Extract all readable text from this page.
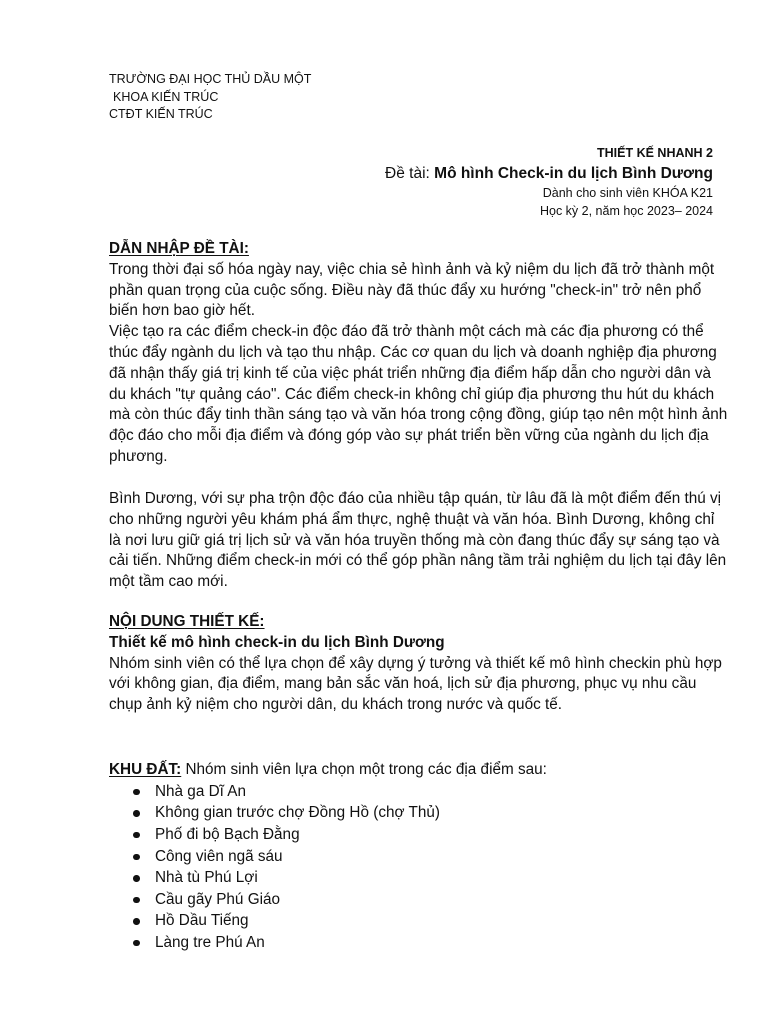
TRƯỜNG ĐẠI HỌC THỦ DẦU MỘT
KHOA KIẾN TRÚC
CTĐT KIẾN TRÚC
THIẾT KẾ NHANH 2
Đề tài: Mô hình Check-in du lịch Bình Dương
Dành cho sinh viên KHÓA K21
Học kỳ 2, năm học 2023– 2024

DẪN NHẬP ĐỀ TÀI:

Trong thời đại số hóa ngày nay, việc chia sẻ hình ảnh và kỷ niệm du lịch đã trở thành một phần quan trọng của cuộc sống. Điều này đã thúc đẩy xu hướng "check-in" trở nên phổ biến hơn bao giờ hết.

Việc tạo ra các điểm check-in độc đáo đã trở thành một cách mà các địa phương có thể thúc đẩy ngành du lịch và tạo thu nhập. Các cơ quan du lịch và doanh nghiệp địa phương đã nhận thấy giá trị kinh tế của việc phát triển những địa điểm hấp dẫn cho người dân và du khách "tự quảng cáo". Các điểm check-in không chỉ giúp địa phương thu hút du khách mà còn thúc đẩy tinh thần sáng tạo và văn hóa trong cộng đồng, giúp tạo nên một hình ảnh độc đáo cho mỗi địa điểm và đóng góp vào sự phát triển bền vững của ngành du lịch địa phương.

Bình Dương, với sự pha trộn độc đáo của nhiều tập quán, từ lâu đã là một điểm đến thú vị cho những người yêu khám phá ẩm thực, nghệ thuật và văn hóa. Bình Dương, không chỉ là nơi lưu giữ giá trị lịch sử và văn hóa truyền thống mà còn đang thúc đẩy sự sáng tạo và cải tiến. Những điểm check-in mới có thể góp phần nâng tầm trải nghiệm du lịch tại đây lên một tầm cao mới.

NỘI DUNG THIẾT KẾ:

Thiết kế mô hình check-in du lịch Bình Dương

Nhóm sinh viên có thể lựa chọn để xây dựng ý tưởng và thiết kế mô hình checkin phù hợp với không gian, địa điểm, mang bản sắc văn hoá, lịch sử địa phương, phục vụ nhu cầu chụp ảnh kỷ niệm cho người dân, du khách trong nước và quốc tế.

KHU ĐẤT: Nhóm sinh viên lựa chọn một trong các địa điểm sau:

Nhà ga Dĩ An
Không gian trước chợ Đồng Hồ (chợ Thủ)
Phố đi bộ Bạch Đằng
Công viên ngã sáu
Nhà tù Phú Lợi
Cầu gãy Phú Giáo
Hồ Dầu Tiếng
Làng tre Phú An
